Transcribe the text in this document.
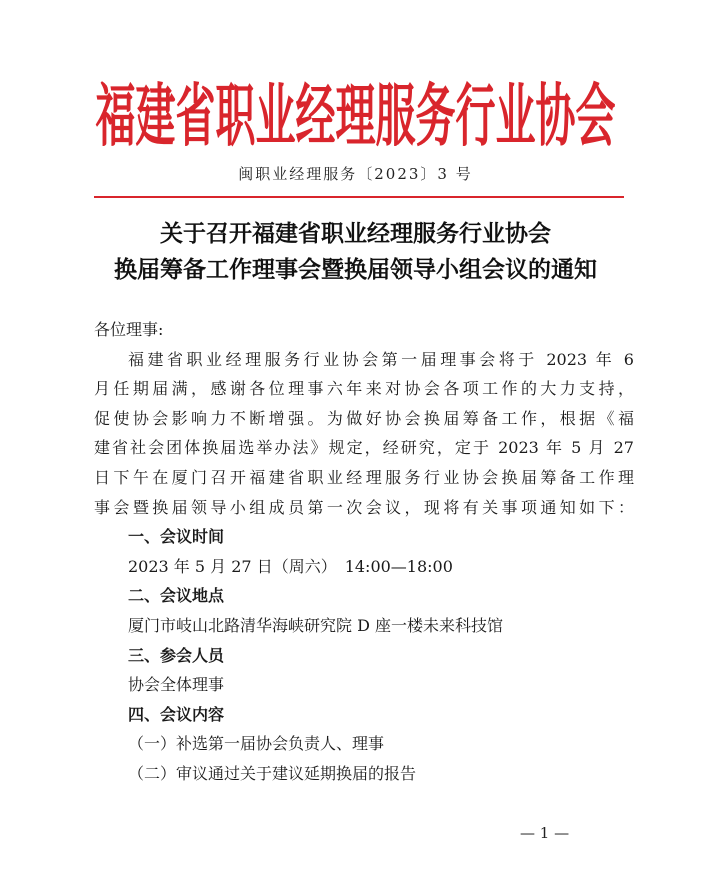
福建省职业经理服务行业协会
闽职业经理服务〔2023〕3 号
关于召开福建省职业经理服务行业协会
换届筹备工作理事会暨换届领导小组会议的通知
各位理事:
福建省职业经理服务行业协会第一届理事会将于 2023 年 6
月任期届满，感谢各位理事六年来对协会各项工作的大力支持，
促使协会影响力不断增强。为做好协会换届筹备工作，根据《福
建省社会团体换届选举办法》规定，经研究，定于 2023 年 5 月 27
日下午在厦门召开福建省职业经理服务行业协会换届筹备工作理
事会暨换届领导小组成员第一次会议，现将有关事项通知如下：
一、会议时间
2023 年 5 月 27 日（周六）　14:00—18:00
二、会议地点
厦门市岐山北路清华海峡研究院 D 座一楼未来科技馆
三、参会人员
协会全体理事
四、会议内容
（一）补选第一届协会负责人、理事
（二）审议通过关于建议延期换届的报告
— 1 —
